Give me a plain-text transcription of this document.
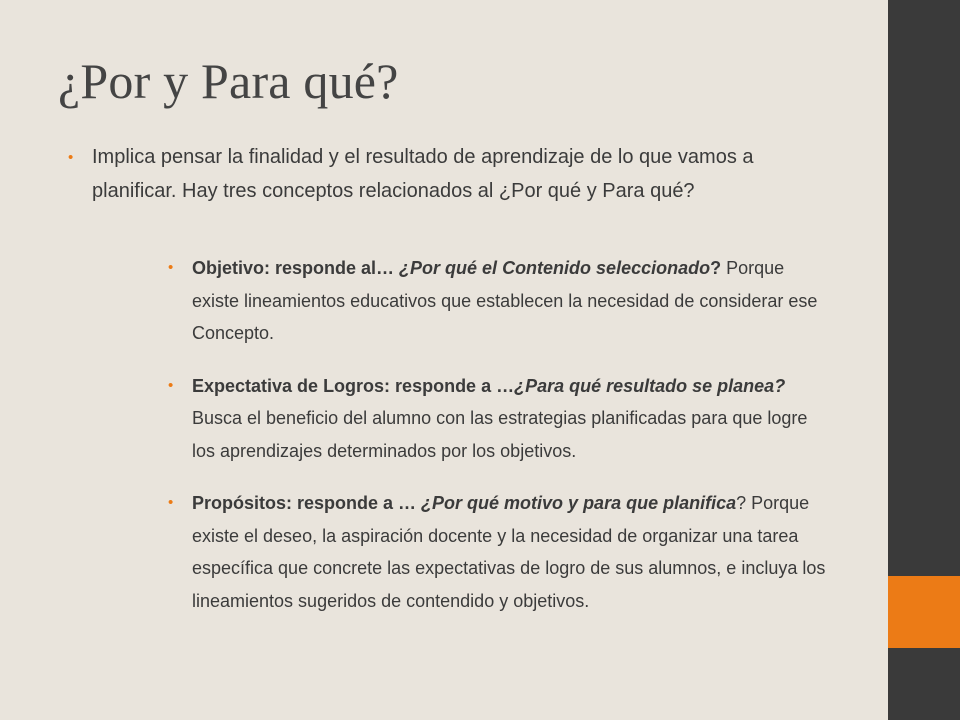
¿Por y Para qué?

• Implica pensar la finalidad y el resultado de aprendizaje de lo que vamos a planificar. Hay tres conceptos relacionados al ¿Por qué y Para qué?

• Objetivo: responde al… ¿Por qué el Contenido seleccionado? Porque existe lineamientos educativos que establecen la necesidad de considerar ese Concepto.
• Expectativa de Logros: responde a …¿Para qué resultado se planea? Busca el beneficio del alumno con las estrategias planificadas para que logre los aprendizajes determinados por los objetivos.
• Propósitos: responde a … ¿Por qué motivo y para que planifica? Porque existe el deseo, la aspiración docente y la necesidad de organizar una tarea específica que concrete las expectativas de logro de sus alumnos, e incluya los lineamientos sugeridos de contendido y objetivos.
